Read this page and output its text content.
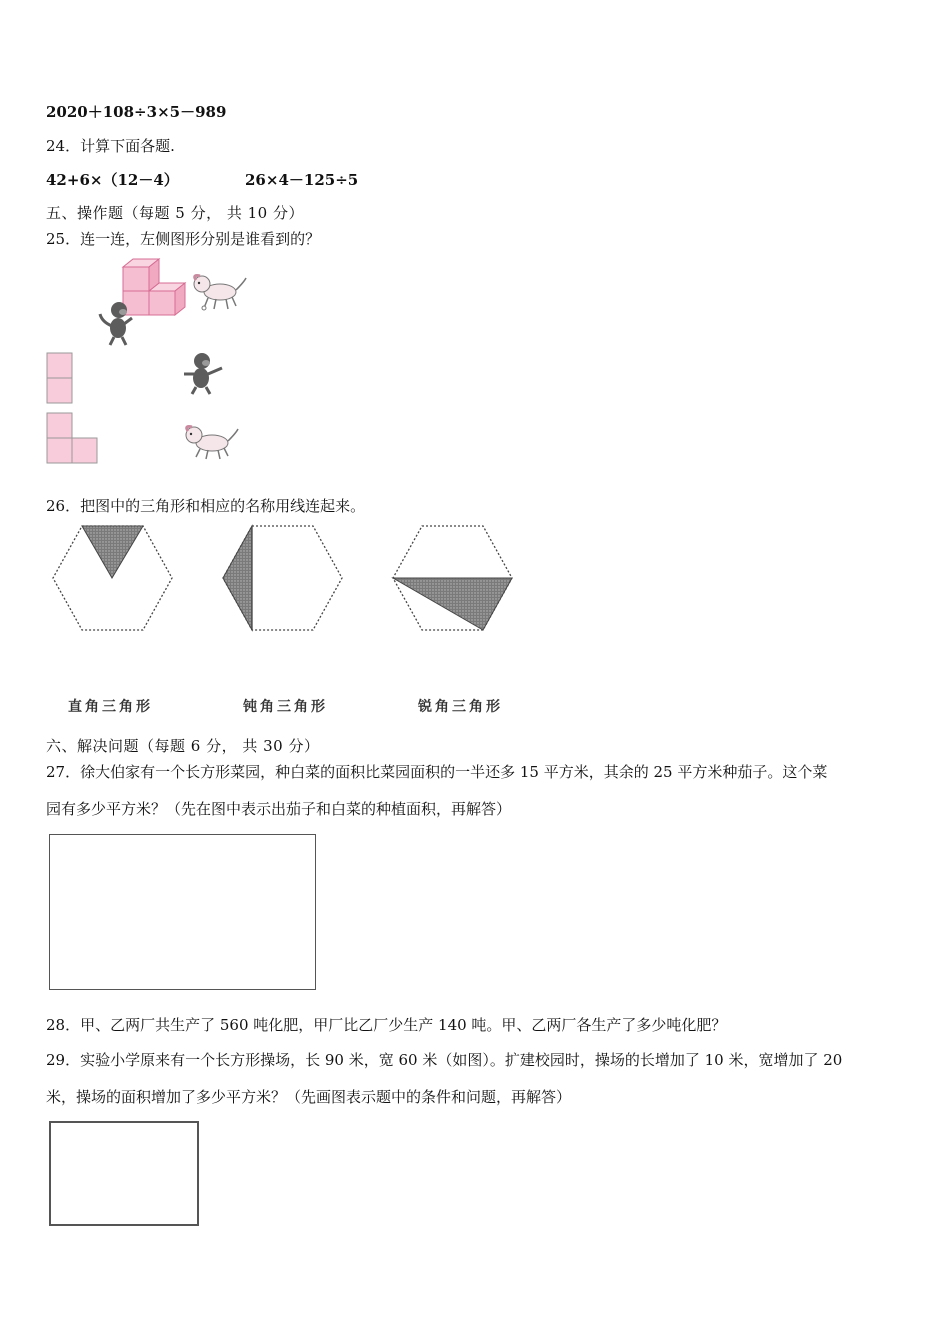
2020＋108÷3×5－989
24．计算下面各题.
42+6×（12－4）	26×4－125÷5
五、操作题（每题 5 分， 共 10 分）
25．连一连，左侧图形分别是谁看到的？
26．把图中的三角形和相应的名称用线连起来。
直角三角形	钝角三角形	锐角三角形
六、解决问题（每题 6 分， 共 30 分）
27．徐大伯家有一个长方形菜园，种白菜的面积比菜园面积的一半还多 15 平方米，其余的 25 平方米种茄子。这个菜
园有多少平方米？（先在图中表示出茄子和白菜的种植面积，再解答）
28．甲、乙两厂共生产了 560 吨化肥，甲厂比乙厂少生产 140 吨。甲、乙两厂各生产了多少吨化肥？
29．实验小学原来有一个长方形操场，长 90 米，宽 60 米（如图）。扩建校园时，操场的长增加了 10 米，宽增加了 20
米，操场的面积增加了多少平方米？（先画图表示题中的条件和问题，再解答）
